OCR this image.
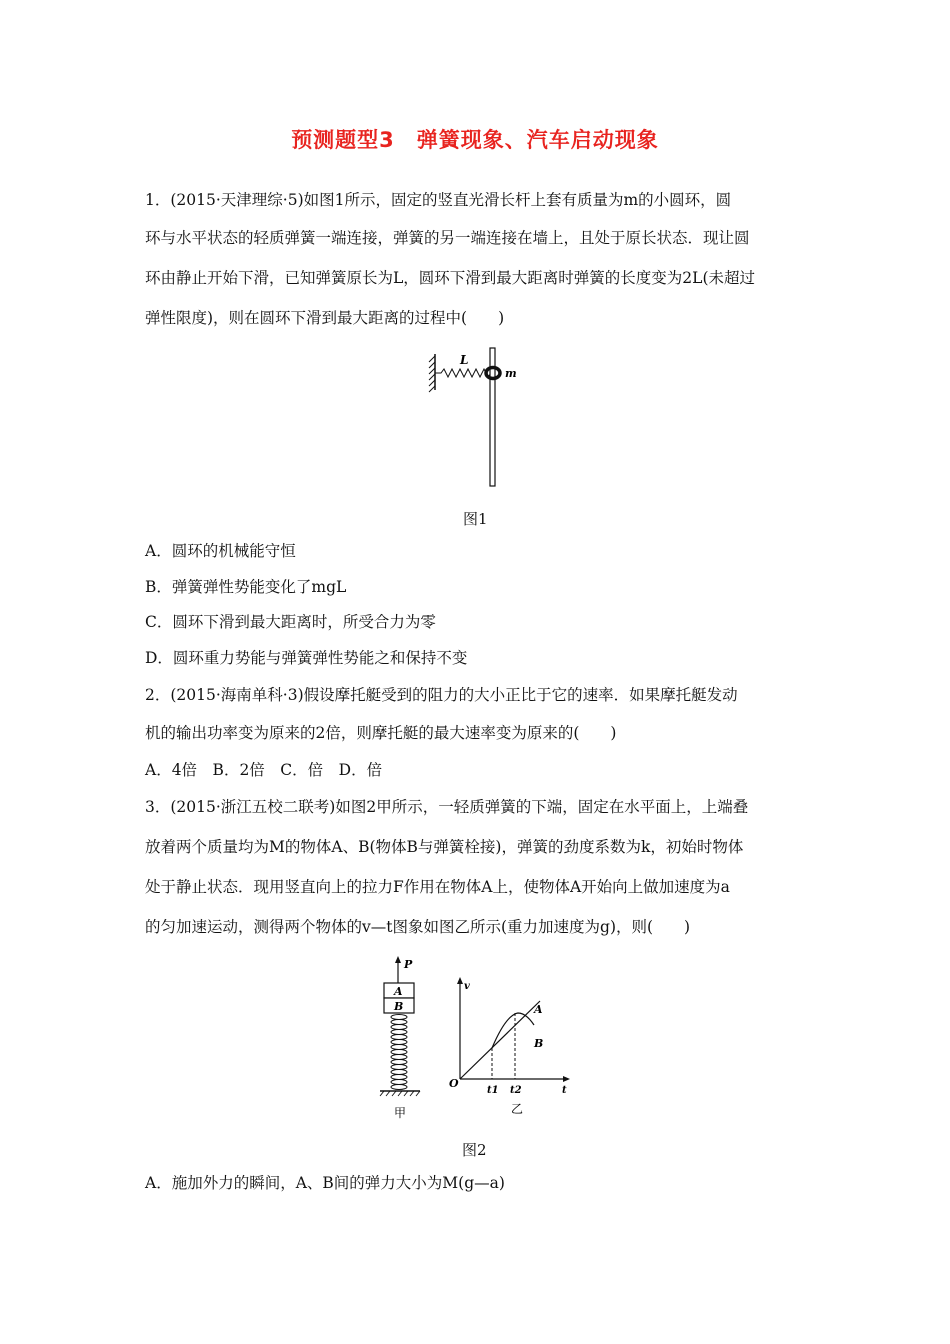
预测题型3　弹簧现象、汽车启动现象
1．(2015·天津理综·5)如图1所示，固定的竖直光滑长杆上套有质量为m的小圆环，圆
环与水平状态的轻质弹簧一端连接，弹簧的另一端连接在墙上，且处于原长状态．现让圆
环由静止开始下滑，已知弹簧原长为L，圆环下滑到最大距离时弹簧的长度变为2L(未超过
弹性限度)，则在圆环下滑到最大距离的过程中(　　)
L
m
图1
A．圆环的机械能守恒
B．弹簧弹性势能变化了mgL
C．圆环下滑到最大距离时，所受合力为零
D．圆环重力势能与弹簧弹性势能之和保持不变
2．(2015·海南单科·3)假设摩托艇受到的阻力的大小正比于它的速率．如果摩托艇发动
机的输出功率变为原来的2倍，则摩托艇的最大速率变为原来的(　　)
A．4倍　B．2倍　C．倍　D．倍
3．(2015·浙江五校二联考)如图2甲所示，一轻质弹簧的下端，固定在水平面上，上端叠
放着两个质量均为M的物体A、B(物体B与弹簧栓接)，弹簧的劲度系数为k，初始时物体
处于静止状态．现用竖直向上的拉力F作用在物体A上，使物体A开始向上做加速度为a
的匀加速运动，测得两个物体的v—t图象如图乙所示(重力加速度为g)，则(　　)
P
A
B
甲
v
t
O
t1 t2
A
B
乙
图2
A．施加外力的瞬间，A、B间的弹力大小为M(g—a)
